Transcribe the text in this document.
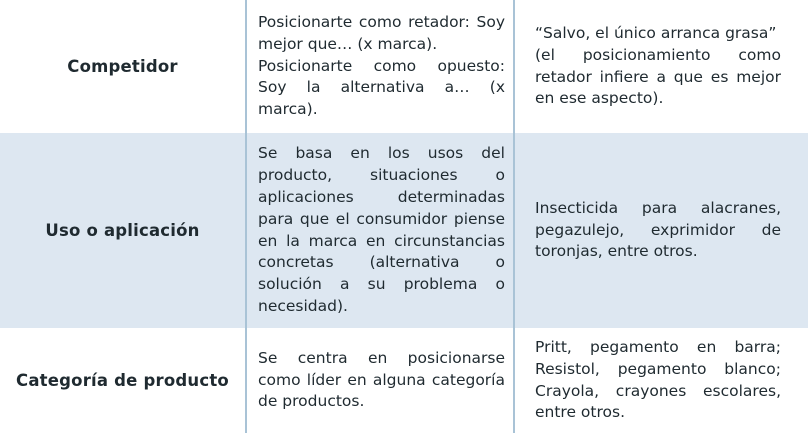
Competidor
Posicionarte como retador: Soy mejor que… (x marca).
Posicionarte como opuesto: Soy la alternativa a… (x marca).
“Salvo, el único arranca grasa”
(el posicionamiento como retador infiere a que es mejor en ese aspecto).
Uso o aplicación
Se basa en los usos del producto, situaciones o aplicaciones determinadas para que el consumidor piense en la marca en circunstancias concretas (alternativa o solución a su problema o necesidad).
Insecticida para alacranes, pegazulejo, exprimidor de toronjas, entre otros.
Categoría de producto
Se centra en posicionarse como líder en alguna categoría de productos.
Pritt, pegamento en barra; Resistol, pegamento blanco; Crayola, crayones escolares, entre otros.
